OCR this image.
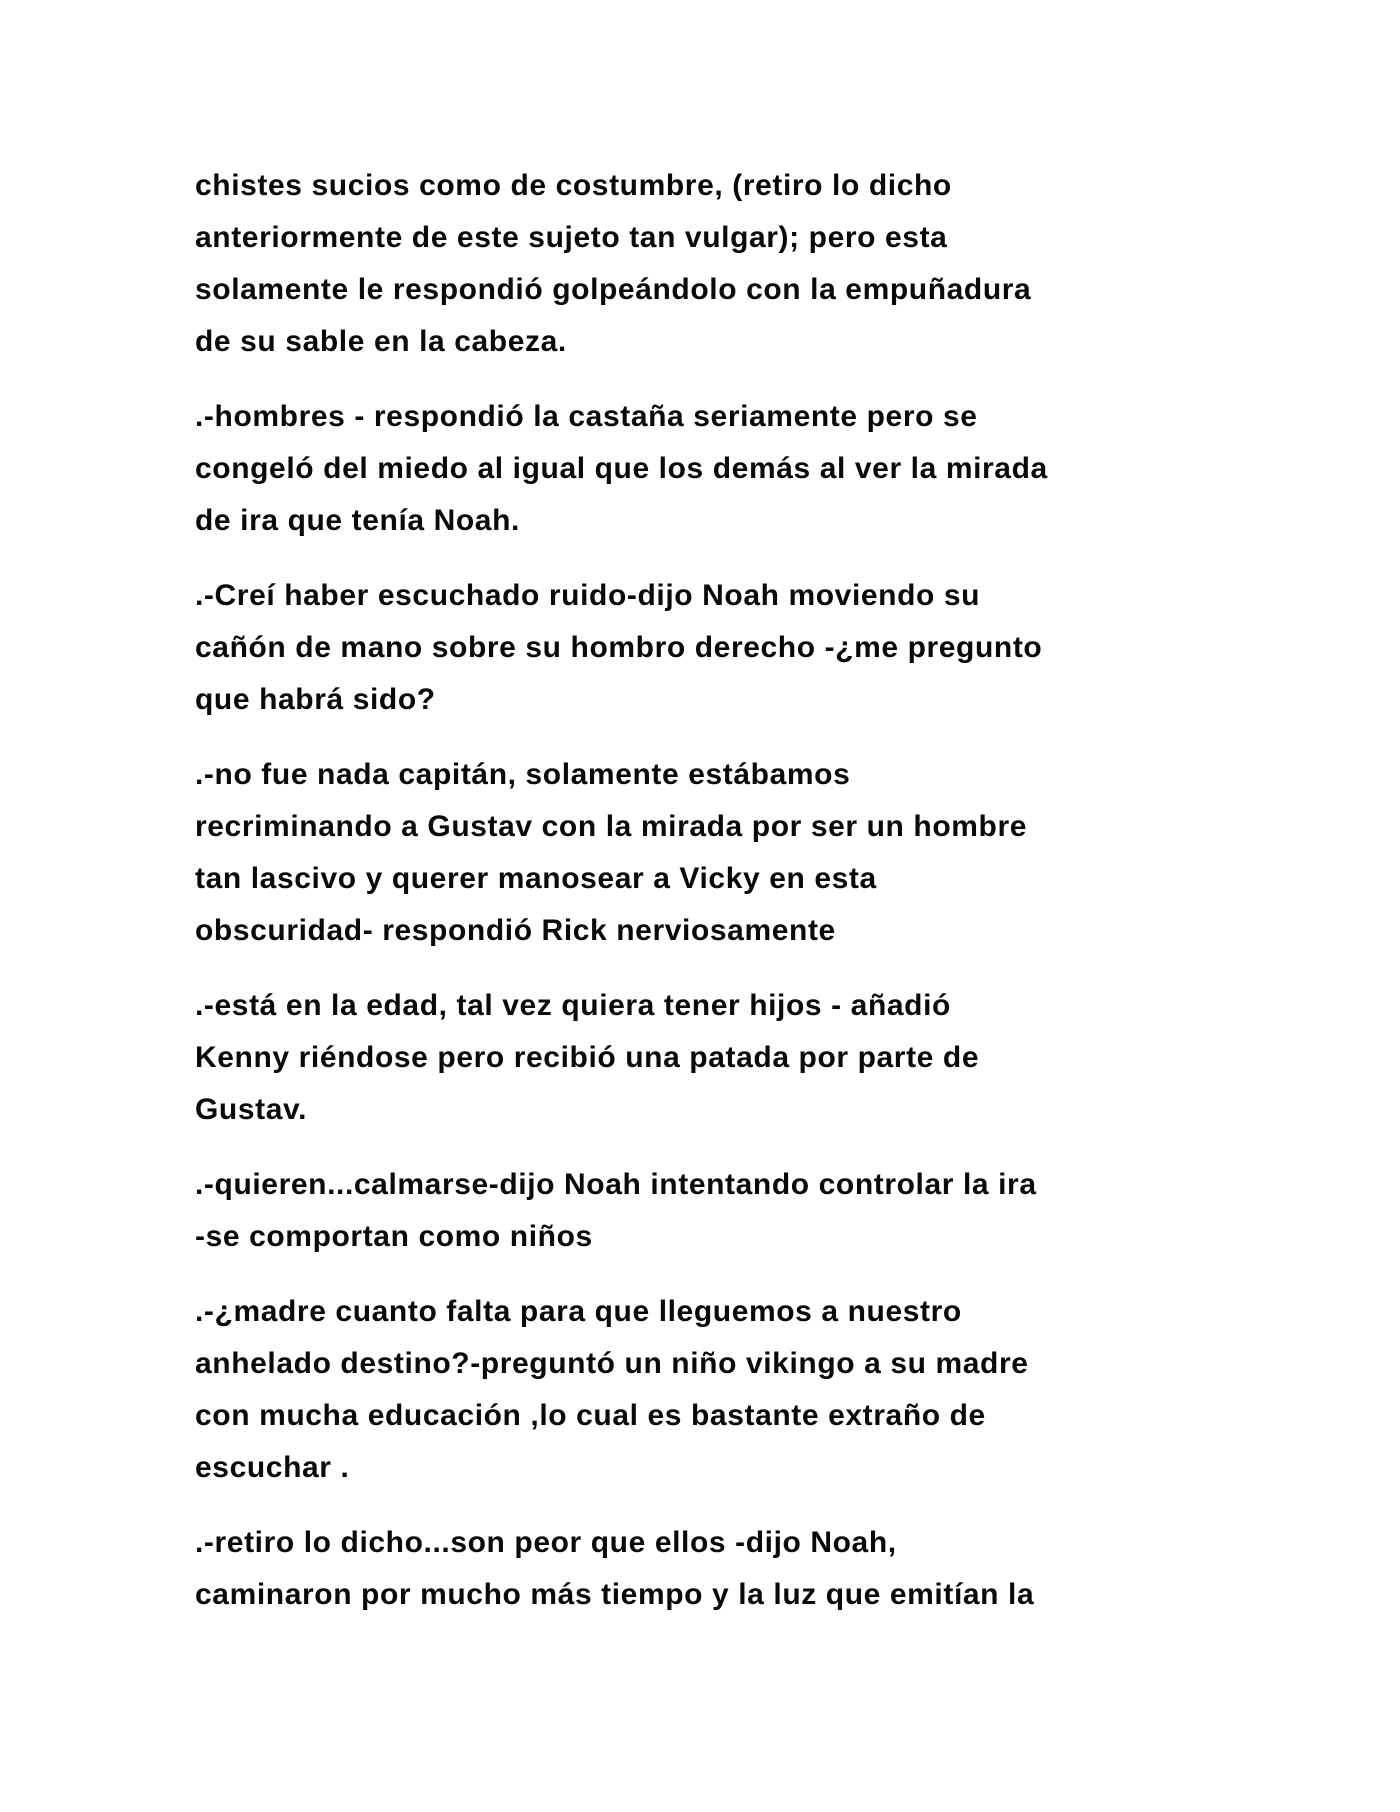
chistes sucios como de costumbre, (retiro lo dicho
anteriormente de este sujeto tan vulgar); pero esta
solamente le respondió golpeándolo con la empuñadura
de su sable en la cabeza.

.-hombres - respondió la castaña seriamente pero se
congeló del miedo al igual que los demás al ver la mirada
de ira que tenía Noah.

.-Creí haber escuchado ruido-dijo Noah moviendo su
cañón de mano sobre su hombro derecho -¿me pregunto
que habrá sido?

.-no fue nada capitán, solamente estábamos
recriminando a Gustav con la mirada por ser un hombre
tan lascivo y querer manosear a Vicky en esta
obscuridad- respondió Rick nerviosamente

.-está en la edad, tal vez quiera tener hijos - añadió
Kenny riéndose pero recibió una patada por parte de
Gustav.

.-quieren...calmarse-dijo Noah intentando controlar la ira
-se comportan como niños

.-¿madre cuanto falta para que lleguemos a nuestro
anhelado destino?-preguntó un niño vikingo a su madre
con mucha educación ,lo cual es bastante extraño de
escuchar .

.-retiro lo dicho...son peor que ellos -dijo Noah,
caminaron por mucho más tiempo y la luz que emitían la
